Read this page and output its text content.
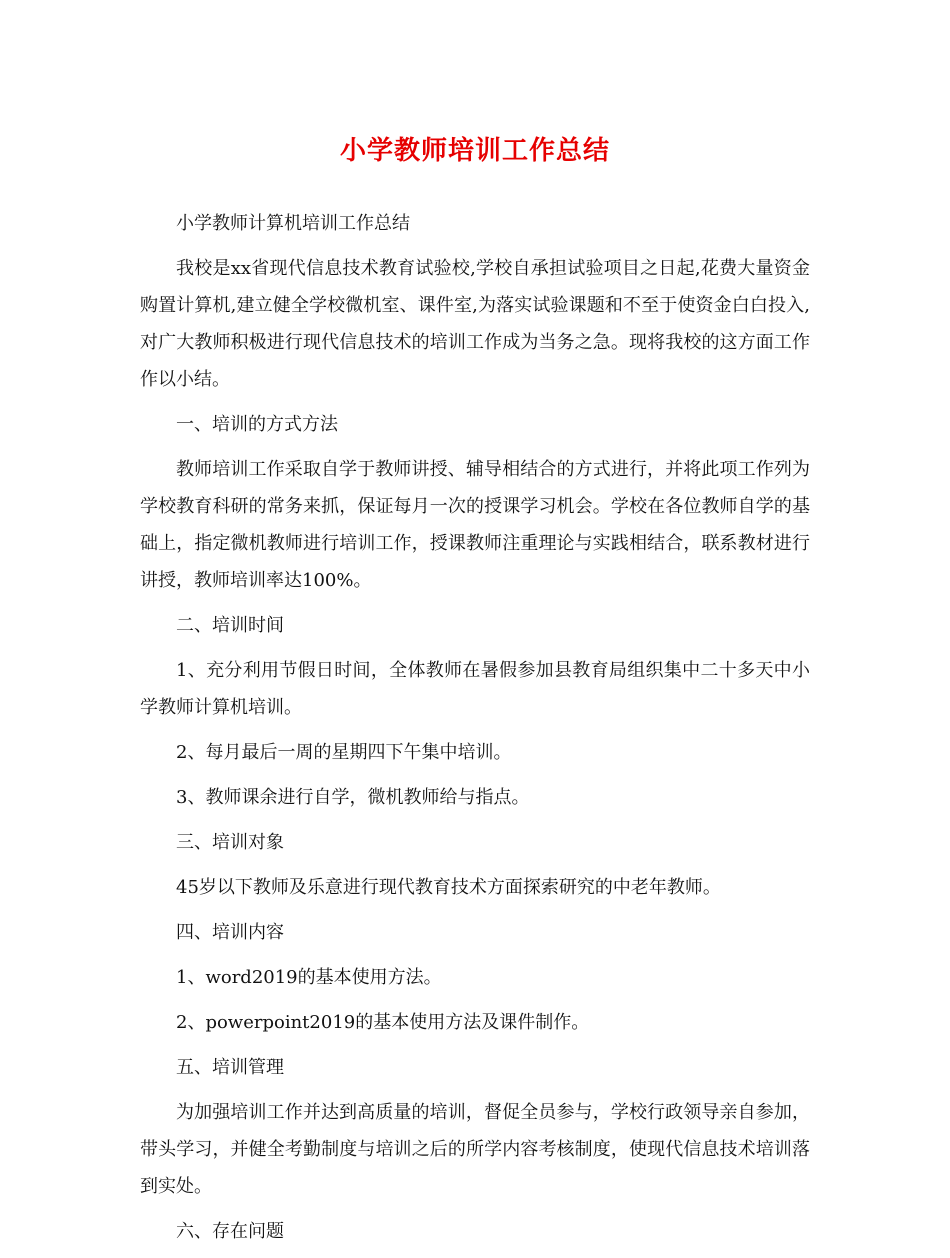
小学教师培训工作总结

小学教师计算机培训工作总结

我校是xx省现代信息技术教育试验校,学校自承担试验项目之日起,花费大量资金购置计算机,建立健全学校微机室、课件室,为落实试验课题和不至于使资金白白投入,对广大教师积极进行现代信息技术的培训工作成为当务之急。现将我校的这方面工作作以小结。

一、培训的方式方法

教师培训工作采取自学于教师讲授、辅导相结合的方式进行，并将此项工作列为学校教育科研的常务来抓，保证每月一次的授课学习机会。学校在各位教师自学的基础上，指定微机教师进行培训工作，授课教师注重理论与实践相结合，联系教材进行讲授，教师培训率达100%。

二、培训时间

1、充分利用节假日时间，全体教师在暑假参加县教育局组织集中二十多天中小学教师计算机培训。

2、每月最后一周的星期四下午集中培训。

3、教师课余进行自学，微机教师给与指点。

三、培训对象

45岁以下教师及乐意进行现代教育技术方面探索研究的中老年教师。

四、培训内容

1、word2019的基本使用方法。

2、powerpoint2019的基本使用方法及课件制作。

五、培训管理

为加强培训工作并达到高质量的培训，督促全员参与，学校行政领导亲自参加，带头学习，并健全考勤制度与培训之后的所学内容考核制度，使现代信息技术培训落到实处。

六、存在问题
